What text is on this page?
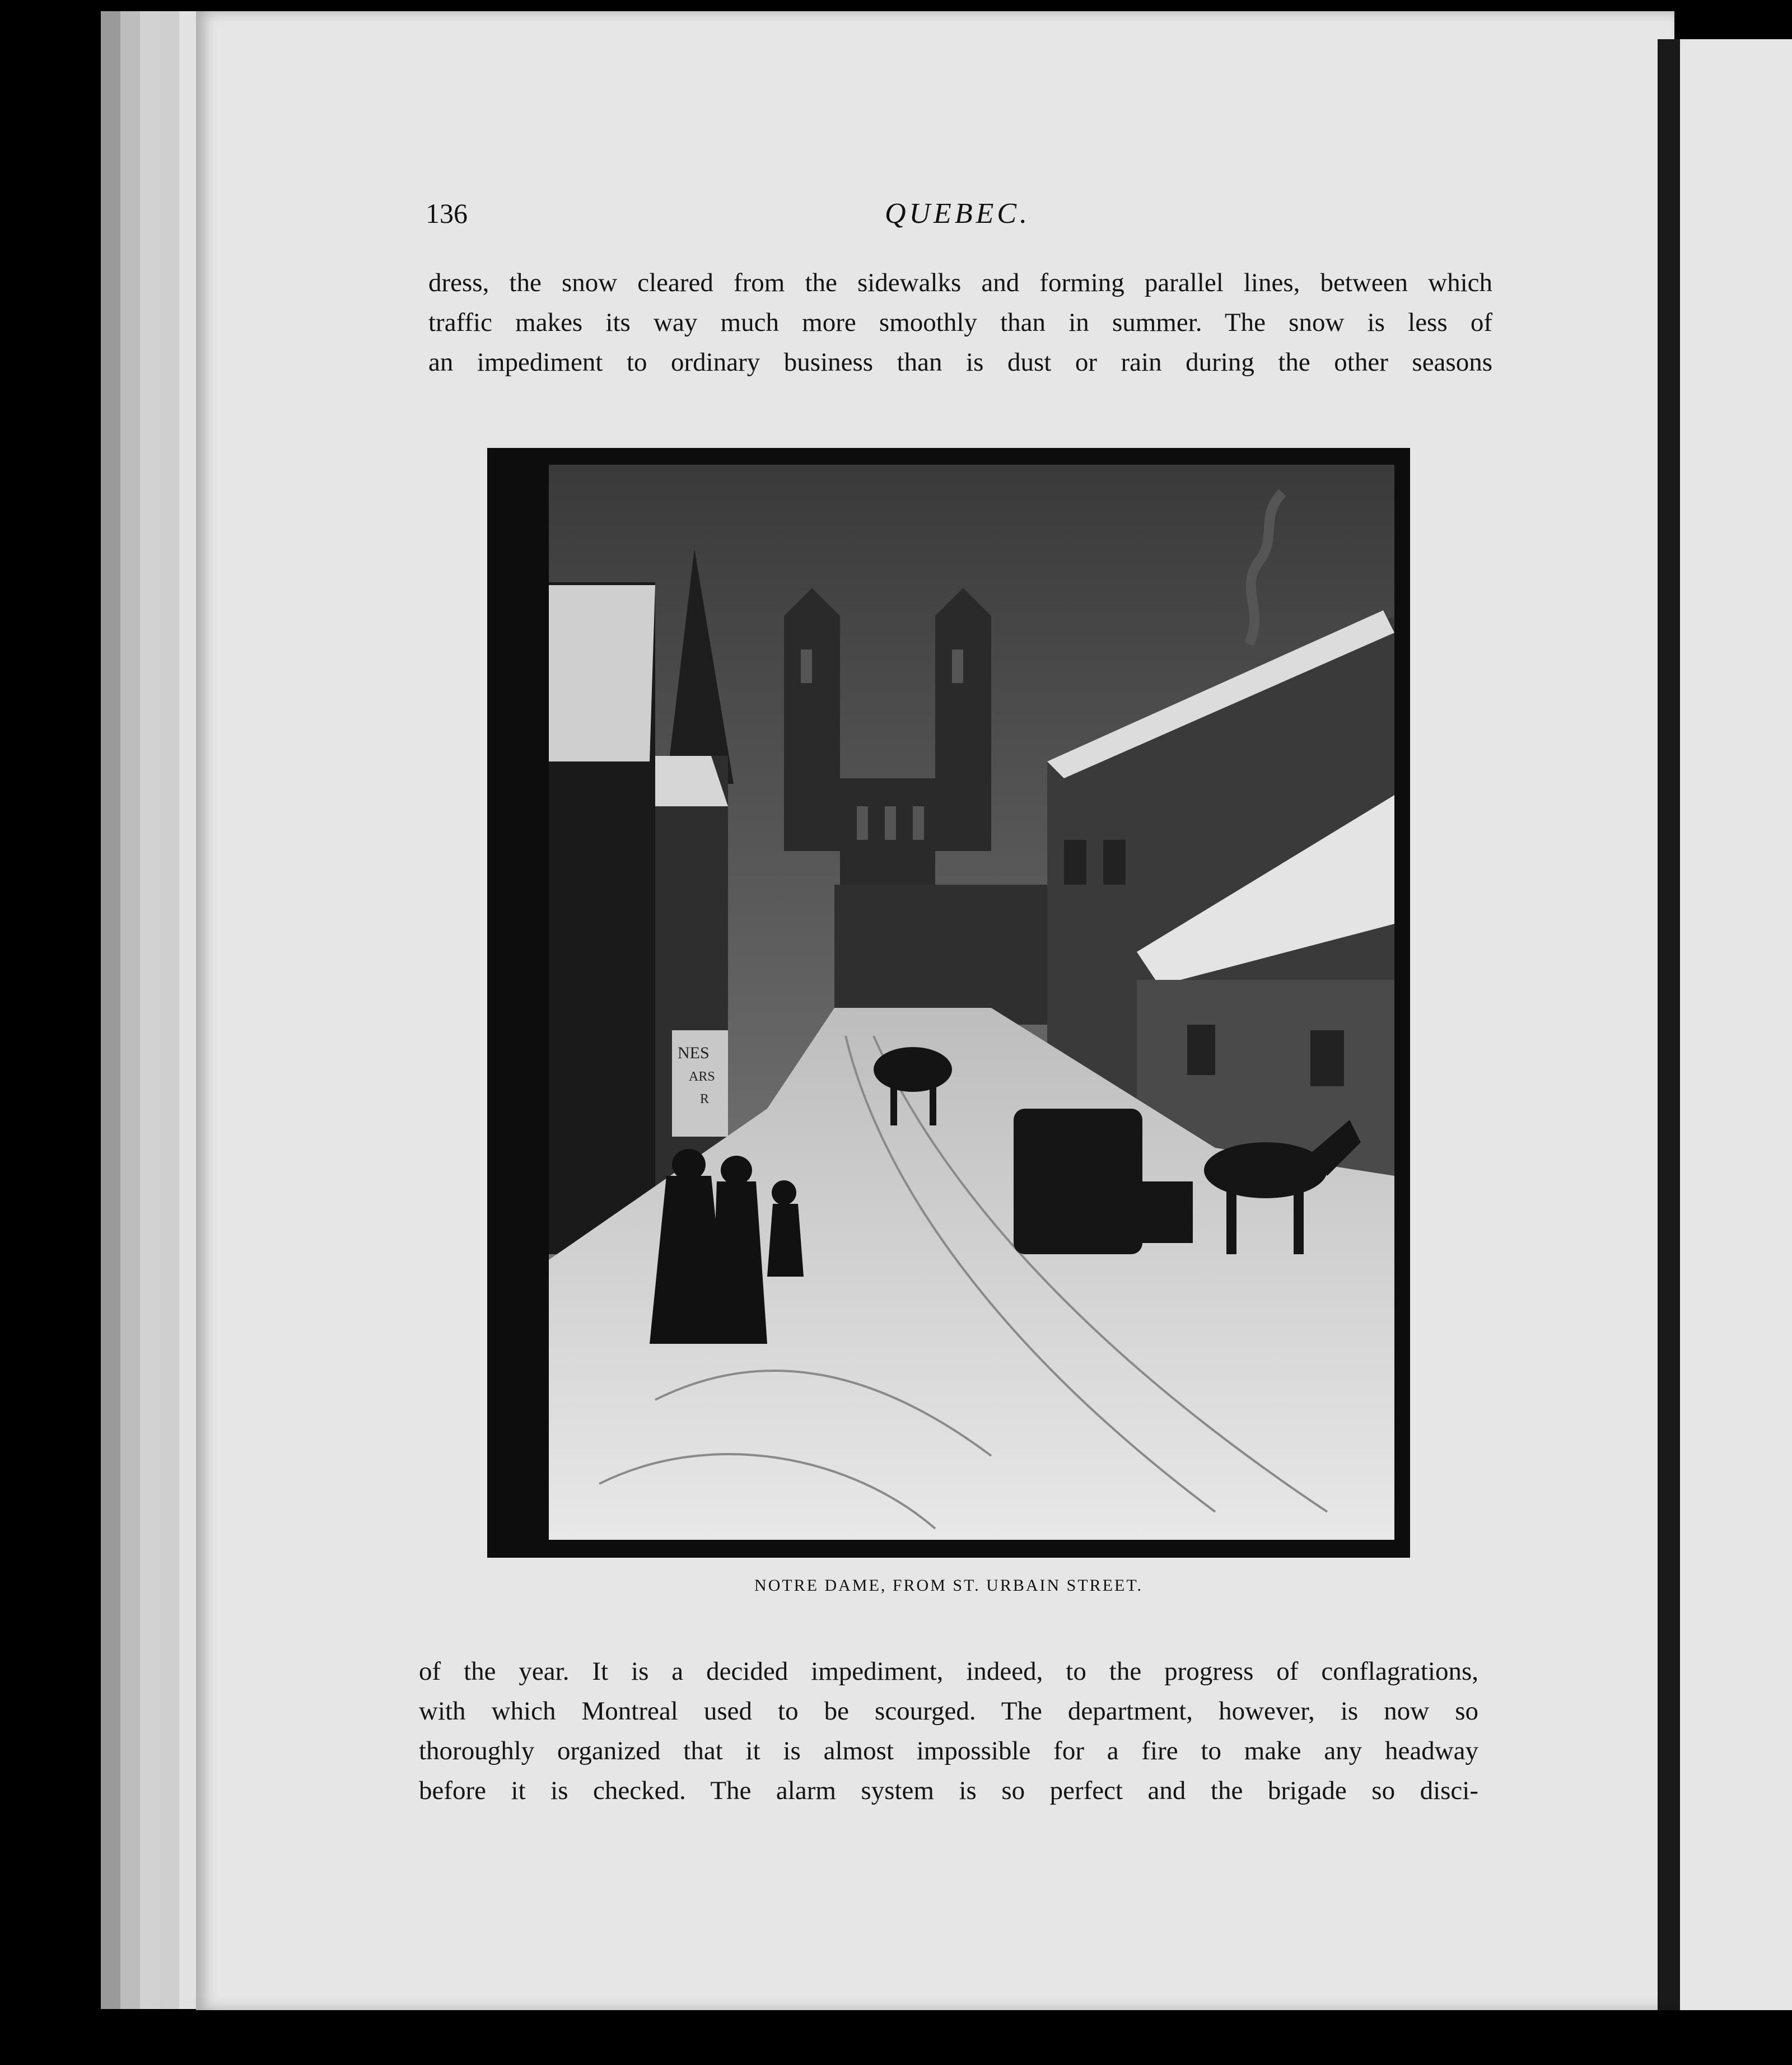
136	QUEBEC.
dress, the snow cleared from the sidewalks and forming parallel lines, between which
traffic makes its way much more smoothly than in summer. The snow is less of
an impediment to ordinary business than is dust or rain during the other seasons
NES
ARS
R
NOTRE DAME, FROM ST. URBAIN STREET.
of the year. It is a decided impediment, indeed, to the progress of conflagrations,
with which Montreal used to be scourged. The department, however, is now so
thoroughly organized that it is almost impossible for a fire to make any headway
before it is checked. The alarm system is so perfect and the brigade so disci-
